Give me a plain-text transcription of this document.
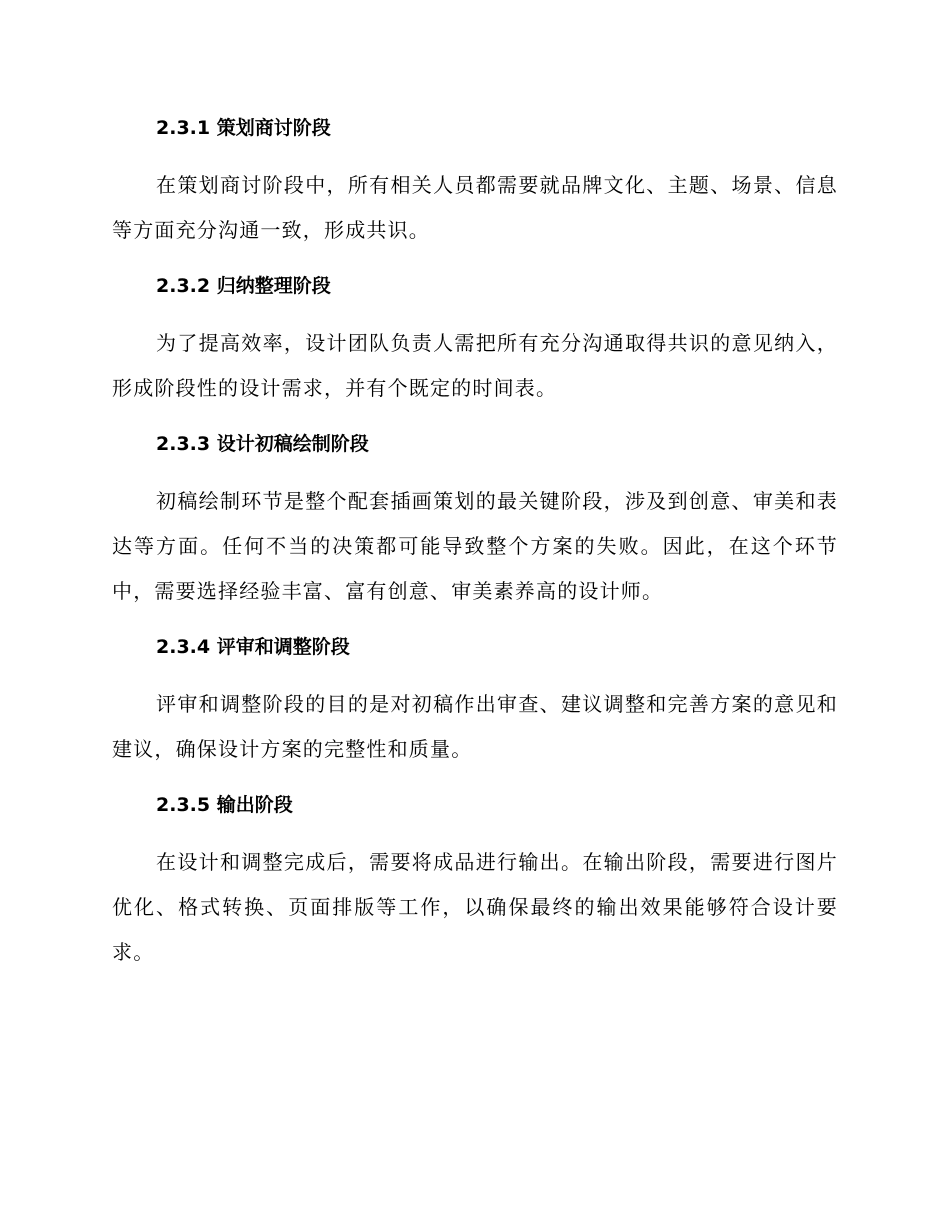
2.3.1 策划商讨阶段

在策划商讨阶段中，所有相关人员都需要就品牌文化、主题、场景、信息等方面充分沟通一致，形成共识。

2.3.2 归纳整理阶段

为了提高效率，设计团队负责人需把所有充分沟通取得共识的意见纳入，形成阶段性的设计需求，并有个既定的时间表。

2.3.3 设计初稿绘制阶段

初稿绘制环节是整个配套插画策划的最关键阶段，涉及到创意、审美和表达等方面。任何不当的决策都可能导致整个方案的失败。因此，在这个环节中，需要选择经验丰富、富有创意、审美素养高的设计师。

2.3.4 评审和调整阶段

评审和调整阶段的目的是对初稿作出审查、建议调整和完善方案的意见和建议，确保设计方案的完整性和质量。

2.3.5 输出阶段

在设计和调整完成后，需要将成品进行输出。在输出阶段，需要进行图片优化、格式转换、页面排版等工作，以确保最终的输出效果能够符合设计要求。
